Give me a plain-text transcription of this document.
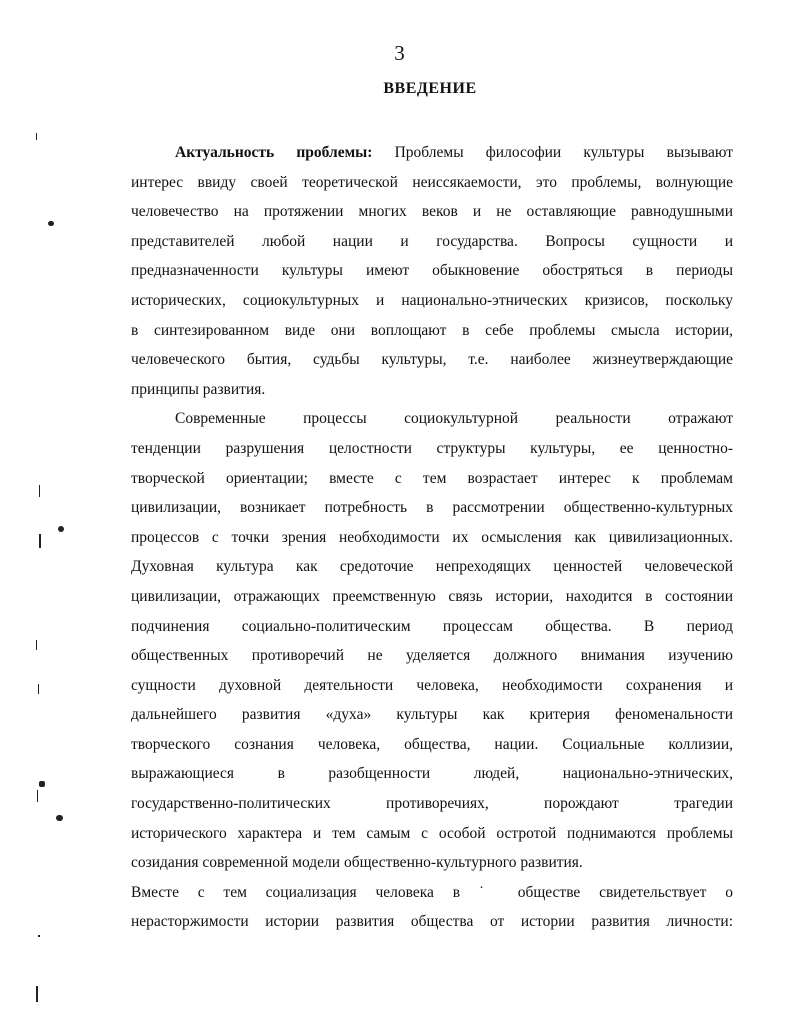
3
ВВЕДЕНИЕ
Актуальность проблемы: Проблемы философии культуры вызывают
интерес ввиду своей теоретической неиссякаемости, это проблемы, волнующие
человечество на протяжении многих веков и не оставляющие равнодушными
представителей любой нации и государства. Вопросы сущности и
предназначенности культуры имеют обыкновение обостряться в периоды
исторических, социокультурных и национально-этнических кризисов, поскольку
в синтезированном виде они воплощают в себе проблемы смысла истории,
человеческого бытия, судьбы культуры, т.е. наиболее жизнеутверждающие
принципы развития.
Современные процессы социокультурной реальности отражают
тенденции разрушения целостности структуры культуры, ее ценностно-
творческой ориентации; вместе с тем возрастает интерес к проблемам
цивилизации, возникает потребность в рассмотрении общественно-культурных
процессов с точки зрения необходимости их осмысления как цивилизационных.
Духовная культура как средоточие непреходящих ценностей человеческой
цивилизации, отражающих преемственную связь истории, находится в состоянии
подчинения социально-политическим процессам общества. В период
общественных противоречий не уделяется должного внимания изучению
сущности духовной деятельности человека, необходимости сохранения и
дальнейшего развития «духа» культуры как критерия феноменальности
творческого сознания человека, общества, нации. Социальные коллизии,
выражающиеся в разобщенности людей, национально-этнических,
государственно-политических противоречиях, порождают трагедии
исторического характера и тем самым с особой остротой поднимаются проблемы
созидания современной модели общественно-культурного развития.
Вместе с тем социализация человека в ˙ обществе свидетельствует о
нерасторжимости истории развития общества от истории развития личности:
